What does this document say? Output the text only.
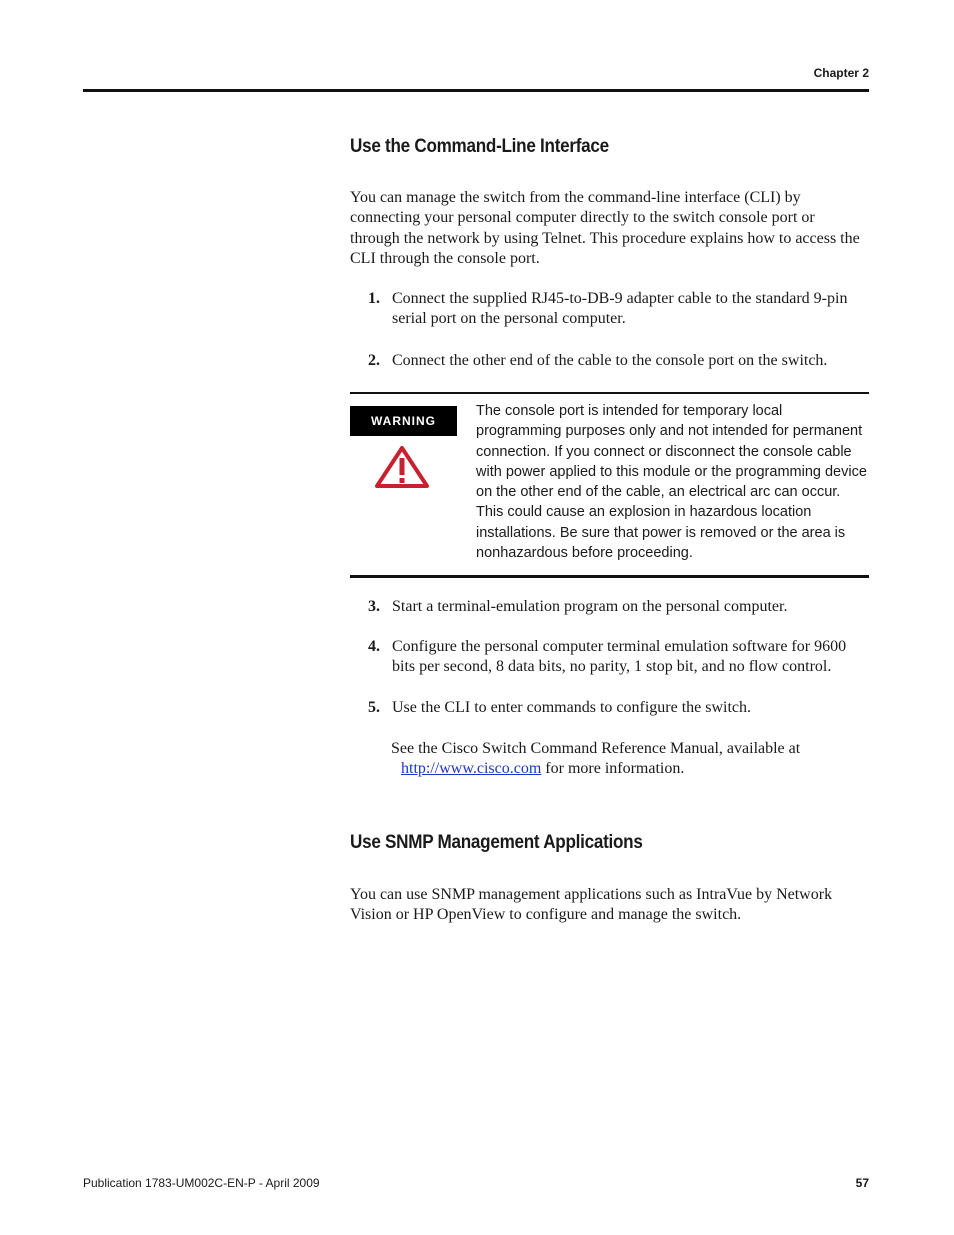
Chapter 2
Use the Command-Line Interface
You can manage the switch from the command-line interface (CLI) by connecting your personal computer directly to the switch console port or through the network by using Telnet. This procedure explains how to access the CLI through the console port.
1. Connect the supplied RJ45-to-DB-9 adapter cable to the standard 9-pin serial port on the personal computer.
2. Connect the other end of the cable to the console port on the switch.
WARNING
The console port is intended for temporary local programming purposes only and not intended for permanent connection. If you connect or disconnect the console cable with power applied to this module or the programming device on the other end of the cable, an electrical arc can occur. This could cause an explosion in hazardous location installations. Be sure that power is removed or the area is nonhazardous before proceeding.
3. Start a terminal-emulation program on the personal computer.
4. Configure the personal computer terminal emulation software for 9600 bits per second, 8 data bits, no parity, 1 stop bit, and no flow control.
5. Use the CLI to enter commands to configure the switch.
See the Cisco Switch Command Reference Manual, available at
http://www.cisco.com for more information.
Use SNMP Management Applications
You can use SNMP management applications such as IntraVue by Network Vision or HP OpenView to configure and manage the switch.
Publication 1783-UM002C-EN-P - April 2009	57
